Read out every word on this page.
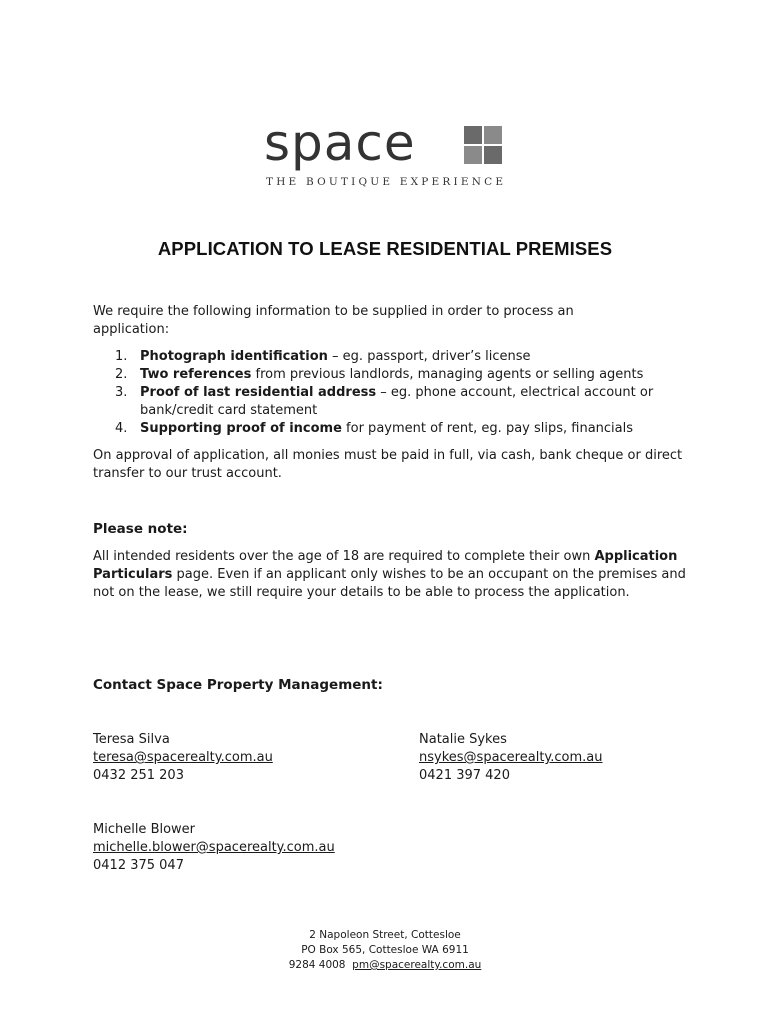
space
THE BOUTIQUE EXPERIENCE
APPLICATION TO LEASE RESIDENTIAL PREMISES
We require the following information to be supplied in order to process an application:
1. Photograph identification – eg. passport, driver’s license
2. Two references from previous landlords, managing agents or selling agents
3. Proof of last residential address – eg. phone account, electrical account or bank/credit card statement
4. Supporting proof of income for payment of rent, eg. pay slips, financials
On approval of application, all monies must be paid in full, via cash, bank cheque or direct transfer to our trust account.
Please note:
All intended residents over the age of 18 are required to complete their own Application Particulars page. Even if an applicant only wishes to be an occupant on the premises and not on the lease, we still require your details to be able to process the application.
Contact Space Property Management:
Teresa Silva
teresa@spacerealty.com.au
0432 251 203
Natalie Sykes
nsykes@spacerealty.com.au
0421 397 420
Michelle Blower
michelle.blower@spacerealty.com.au
0412 375 047
2 Napoleon Street, Cottesloe
PO Box 565, Cottesloe WA 6911
9284 4008 pm@spacerealty.com.au
